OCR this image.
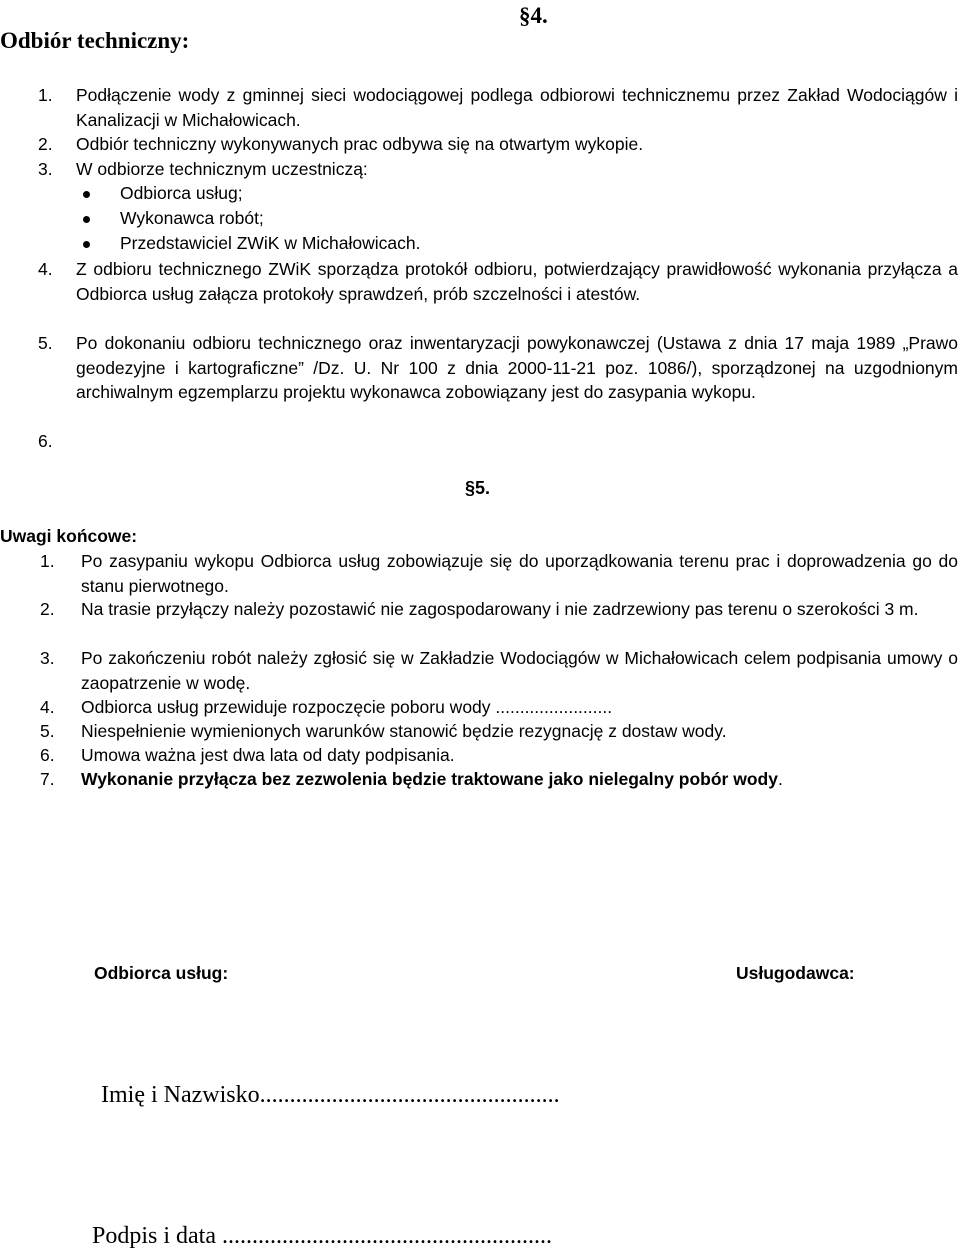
Odbiór techniczny:
§4.
1. Podłączenie wody z gminnej sieci wodociągowej podlega odbiorowi technicznemu przez Zakład Wodociągów i Kanalizacji w Michałowicach.
2. Odbiór techniczny wykonywanych prac odbywa się na otwartym wykopie.
3. W odbiorze technicznym uczestniczą:
Odbiorca usług;
Wykonawca robót;
Przedstawiciel ZWiK w Michałowicach.
4. Z odbioru technicznego ZWiK sporządza protokół odbioru, potwierdzający prawidłowość wykonania przyłącza a Odbiorca usług załącza protokoły sprawdzeń, prób szczelności i atestów.
5. Po dokonaniu odbioru technicznego oraz inwentaryzacji powykonawczej (Ustawa z dnia 17 maja 1989 „Prawo geodezyjne i kartograficzne” /Dz. U. Nr 100 z dnia 2000-11-21 poz. 1086/), sporządzonej na uzgodnionym archiwalnym egzemplarzu projektu wykonawca zobowiązany jest do zasypania wykopu.
6.
§5.
Uwagi końcowe:
1. Po zasypaniu wykopu Odbiorca usług zobowiązuje się do uporządkowania terenu prac i doprowadzenia go do stanu pierwotnego.
2. Na trasie przyłączy należy pozostawić nie zagospodarowany i nie zadrzewiony pas terenu o szerokości 3 m.
3. Po zakończeniu robót należy zgłosić się w Zakładzie Wodociągów w Michałowicach celem podpisania umowy o zaopatrzenie w wodę.
4. Odbiorca usług przewiduje rozpoczęcie poboru wody ........................
5. Niespełnienie wymienionych warunków stanowić będzie rezygnację z dostaw wody.
6. Umowa ważna jest dwa lata od daty podpisania.
7. Wykonanie przyłącza bez zezwolenia będzie traktowane jako nielegalny pobór wody.
Odbiorca usług:	Usługodawca:
Imię i Nazwisko..................................................
Podpis i data .......................................................
